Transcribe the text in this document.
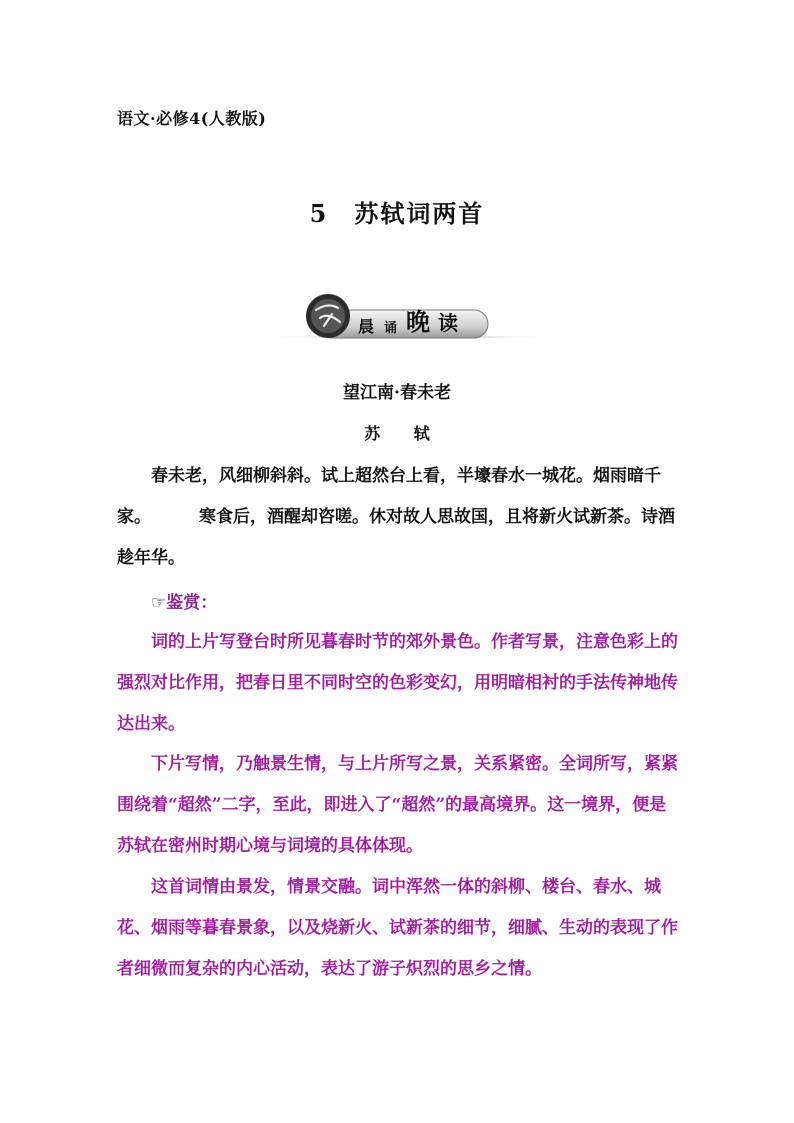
语文·必修4(人教版)
5 苏轼词两首
晨 诵 晚 读
望江南·春未老
苏 轼

春未老，风细柳斜斜。试上超然台上看，半壕春水一城花。烟雨暗千家。	寒食后，酒醒却咨嗟。休对故人思故国，且将新火试新茶。诗酒趁年华。

☞鉴赏：

词的上片写登台时所见暮春时节的郊外景色。作者写景，注意色彩上的强烈对比作用，把春日里不同时空的色彩变幻，用明暗相衬的手法传神地传达出来。

下片写情，乃触景生情，与上片所写之景，关系紧密。全词所写，紧紧围绕着“超然”二字，至此，即进入了“超然”的最高境界。这一境界，便是苏轼在密州时期心境与词境的具体体现。

这首词情由景发，情景交融。词中浑然一体的斜柳、楼台、春水、城花、烟雨等暮春景象，以及烧新火、试新茶的细节，细腻、生动的表现了作者细微而复杂的内心活动，表达了游子炽烈的思乡之情。
